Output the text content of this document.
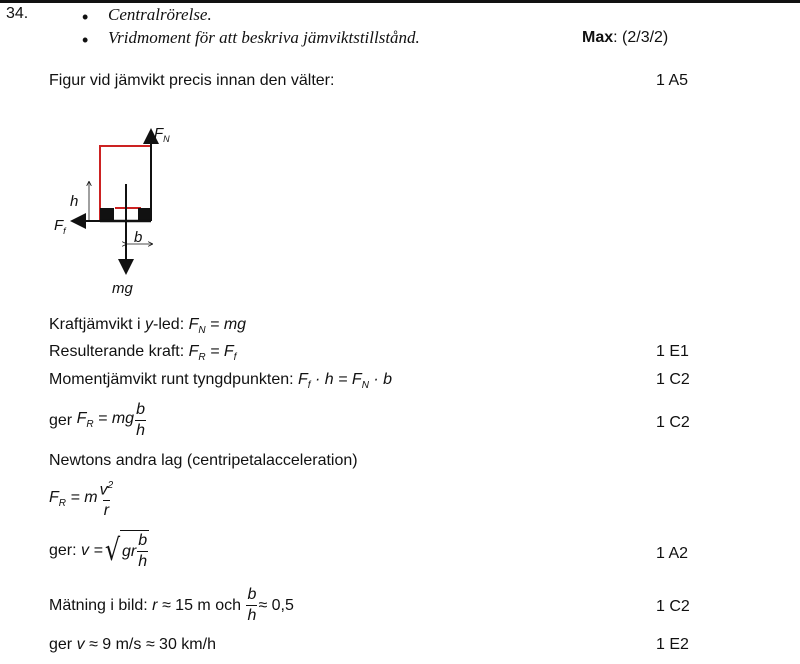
34.	• Centralrörelse.
• Vridmoment för att beskriva jämviktstillstånd.	Max: (2/3/2)
Figur vid jämvikt precis innan den välter:	1 A5
$F_N$
h
$F_f$	b
mg
Kraftjämvikt i y-led: $F_N$ = mg
Resulterande kraft: $F_R = F_f$	1 E1
Momentjämvikt runt tyngdpunkten: $F_f \cdot h = F_N \cdot b$	1 C2
ger
$F_R$ = mg $\frac{b}{h}$	1 C2
Newtons andra lag (centripetalacceleration)
$F_R = m \frac{v^2}{r}$
ger:
v = √ gr $\frac{b}{h}$	1 A2
Mätning i bild:
r ≈ 15
m och
$\frac{b}{h} \approx 0,5$	1 C2
ger v ≈ 9 m/s ≈ 30 km/h	1 E2
